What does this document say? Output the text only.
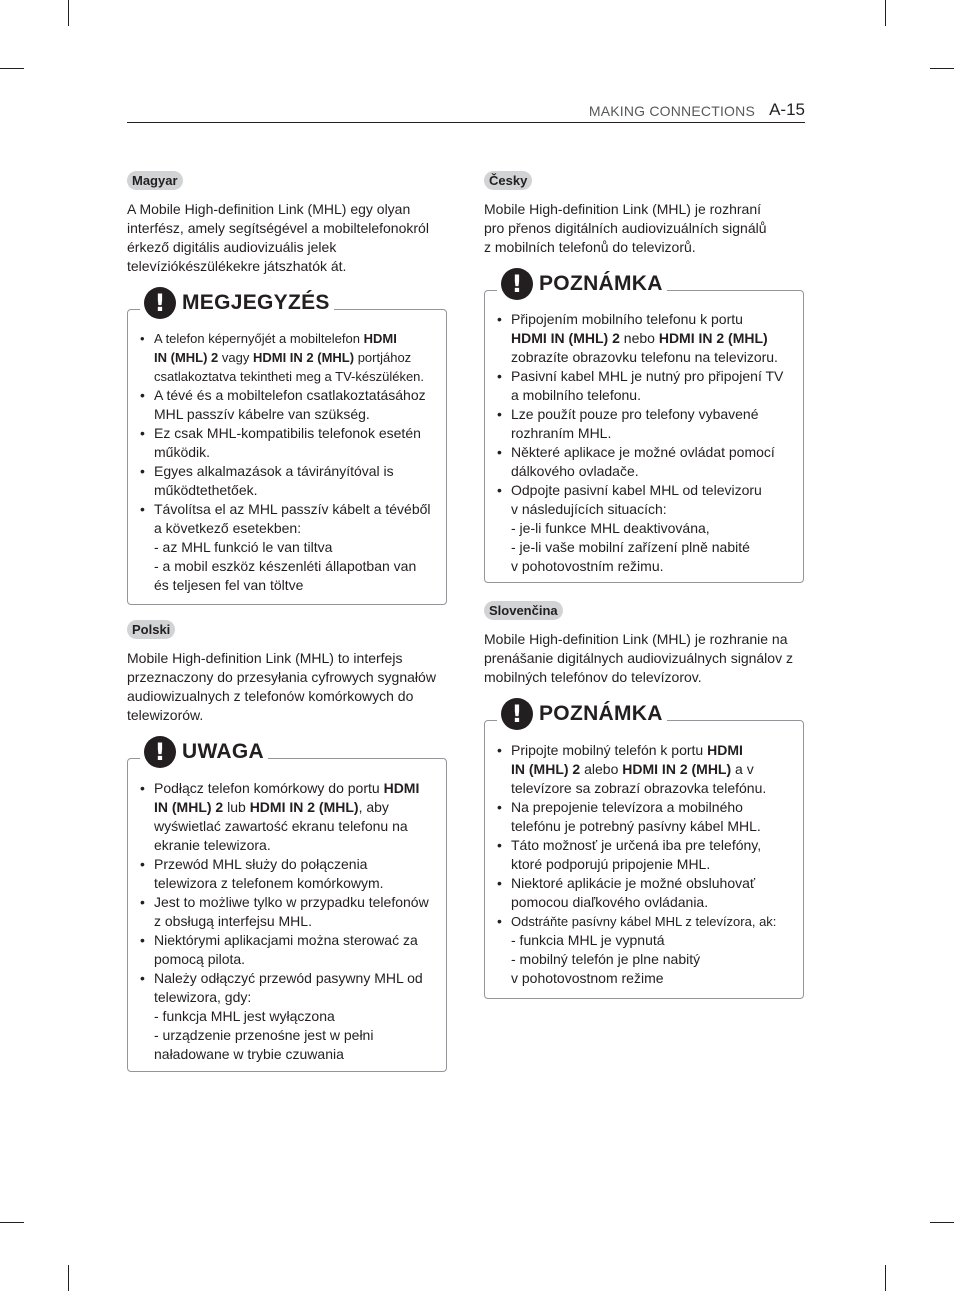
MAKING CONNECTIONS A-15
Magyar

A Mobile High-definition Link (MHL) egy olyan
interfész, amely segítségével a mobiltelefonokról
érkező digitális audiovizuális jelek
televíziókészülékekre játszhatók át.

! MEGJEGYZÉS
• A telefon képernyőjét a mobiltelefon HDMI
IN (MHL) 2 vagy HDMI IN 2 (MHL) portjához
csatlakoztatva tekintheti meg a TV-készüléken.
• A tévé és a mobiltelefon csatlakoztatásához
MHL passzív kábelre van szükség.
• Ez csak MHL-kompatibilis telefonok esetén
működik.
• Egyes alkalmazások a távirányítóval is
működtethetőek.
• Távolítsa el az MHL passzív kábelt a tévéből
a következő esetekben:
- az MHL funkció le van tiltva
- a mobil eszköz készenléti állapotban van
és teljesen fel van töltve
Polski

Mobile High-definition Link (MHL) to interfejs
przeznaczony do przesyłania cyfrowych sygnałów
audiowizualnych z telefonów komórkowych do
telewizorów.

! UWAGA
• Podłącz telefon komórkowy do portu HDMI
IN (MHL) 2 lub HDMI IN 2 (MHL), aby
wyświetlać zawartość ekranu telefonu na
ekranie telewizora.
• Przewód MHL służy do połączenia
telewizora z telefonem komórkowym.
• Jest to możliwe tylko w przypadku telefonów
z obsługą interfejsu MHL.
• Niektórymi aplikacjami można sterować za
pomocą pilota.
• Należy odłączyć przewód pasywny MHL od
telewizora, gdy:
- funkcja MHL jest wyłączona
- urządzenie przenośne jest w pełni
naładowane w trybie czuwania
Česky

Mobile High-definition Link (MHL) je rozhraní
pro přenos digitálních audiovizuálních signálů
z mobilních telefonů do televizorů.

! POZNÁMKA
• Připojením mobilního telefonu k portu
HDMI IN (MHL) 2 nebo HDMI IN 2 (MHL)
zobrazíte obrazovku telefonu na televizoru.
• Pasivní kabel MHL je nutný pro připojení TV
a mobilního telefonu.
• Lze použít pouze pro telefony vybavené
rozhraním MHL.
• Některé aplikace je možné ovládat pomocí
dálkového ovladače.
• Odpojte pasivní kabel MHL od televizoru
v následujících situacích:
- je-li funkce MHL deaktivována,
- je-li vaše mobilní zařízení plně nabité
v pohotovostním režimu.
Slovenčina

Mobile High-definition Link (MHL) je rozhranie na
prenášanie digitálnych audiovizuálnych signálov z
mobilných telefónov do televízorov.

! POZNÁMKA
• Pripojte mobilný telefón k portu HDMI
IN (MHL) 2 alebo HDMI IN 2 (MHL) a v
televízore sa zobrazí obrazovka telefónu.
• Na prepojenie televízora a mobilného
telefónu je potrebný pasívny kábel MHL.
• Táto možnosť je určená iba pre telefóny,
ktoré podporujú pripojenie MHL.
• Niektoré aplikácie je možné obsluhovať
pomocou diaľkového ovládania.
• Odstráňte pasívny kábel MHL z televízora, ak:
- funkcia MHL je vypnutá
- mobilný telefón je plne nabitý
v pohotovostnom režime
